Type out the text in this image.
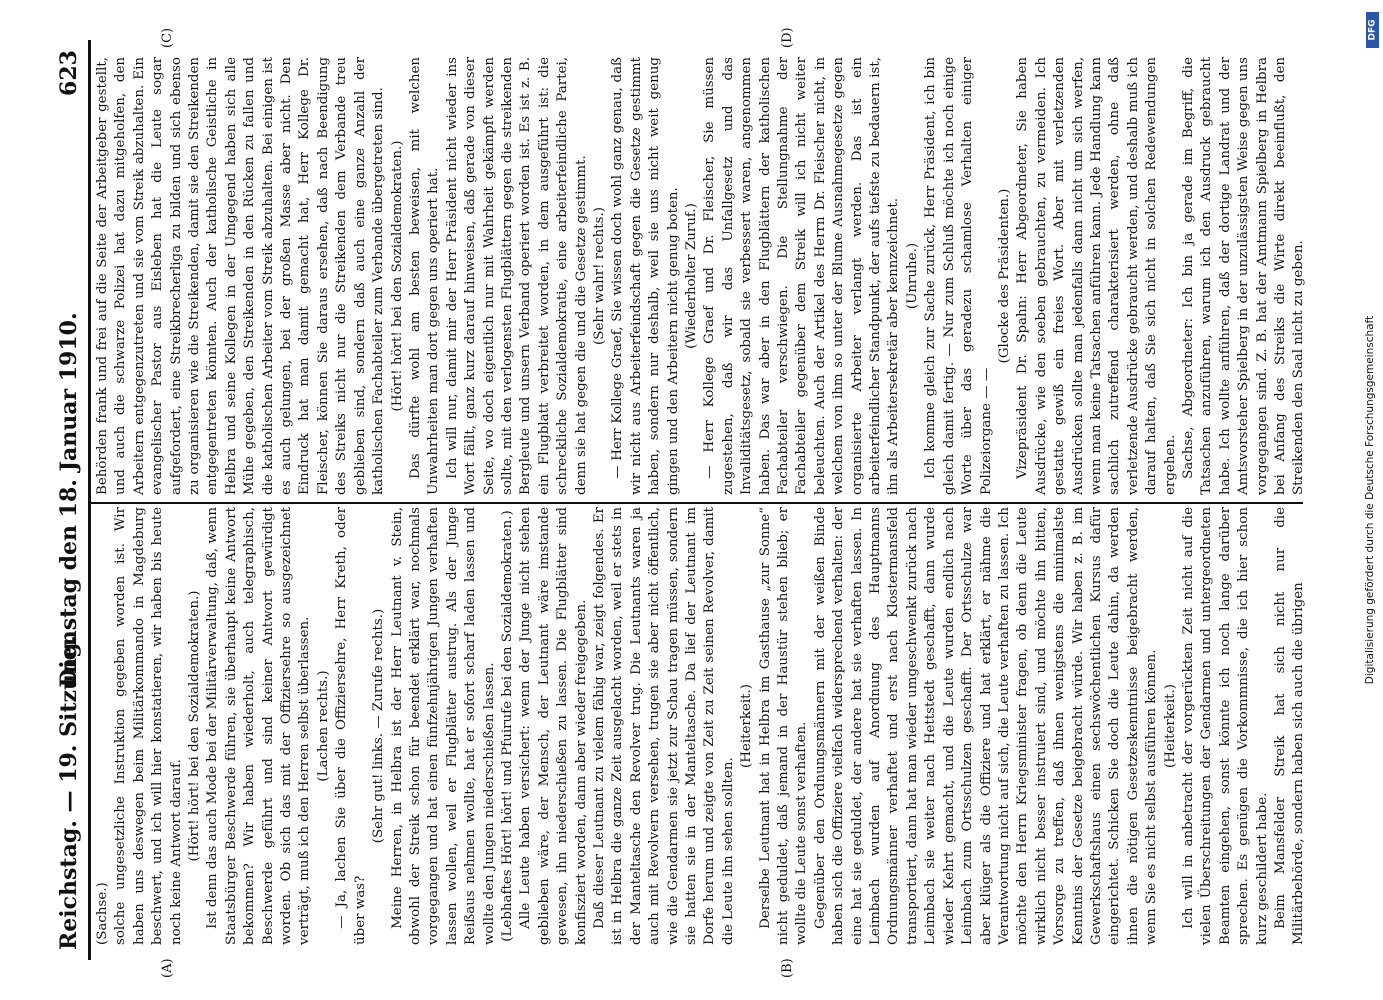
Reichstag. — 19. Sitzung.
Dienstag den 18. Januar 1910.
623
(A)	(B)
(C)	(D)

(Sachse.) solche ungesetzliche Instruktion gegeben worden ist. Wir haben uns deswegen beim Militärkommando in Magdeburg beschwert, und ich will hier konstatieren, wir haben bis heute noch keine Antwort darauf. (Hört! hört! bei den Sozialdemokraten.) Ist denn das auch Mode bei der Militärverwaltung, daß, wenn Staatsbürger Beschwerde führen, sie überhaupt keine Antwort bekommen? Wir haben wiederholt, auch telegraphisch, Beschwerde geführt und sind keiner Antwort gewürdigt worden. Ob sich das mit der Offiziersehre so ausgezeichnet verträgt, muß ich den Herren selbst überlassen. (Lachen rechts.) — Ja, lachen Sie über die Offiziersehre, Herr Kreth, oder über was?

(Sehr gut! links. — Zurufe rechts.) Meine Herren, in Helbra ist der Herr Leutnant v. Stein, obwohl der Streik schon für beendet erklärt war, nochmals vorgegangen und hat einen fünfzehnjährigen Jungen verhaften lassen wollen, weil er Flugblätter austrug. Als der Junge Reißaus nehmen wollte, hat er sofort scharf laden lassen und wollte den Jungen niederschießen lassen. (Lebhaftes Hört! hört! und Pfuirufe bei den Sozialdemokraten.) Alle Leute haben versichert: wenn der Junge nicht stehen geblieben wäre, der Mensch, der Leutnant wäre imstande gewesen, ihn niederschießen zu lassen. Die Flugblätter sind konfisziert worden, dann aber wieder freigegeben. Daß dieser Leutnant zu vielem fähig war, zeigt folgendes. Er ist in Helbra die ganze Zeit ausgelacht worden, weil er stets in der Manteltasche den Revolver trug. Die Leutnants waren ja auch mit Revolvern versehen, trugen sie aber nicht öffentlich, wie die Gendarmen sie jetzt zur Schau tragen müssen, sondern sie hatten sie in der Manteltasche. Da lief der Leutnant im Dorfe herum und zeigte von Zeit zu Zeit seinen Revolver, damit die Leute ihn sehen sollten.

(Heiterkeit.) Derselbe Leutnant hat in Helbra im Gasthause „zur Sonne“ nicht geduldet, daß jemand in der Haustür stehen blieb; er wollte die Leute sonst verhaften. Gegenüber den Ordnungsmännern mit der weißen Binde haben sich die Offiziere vielfach widersprechend verhalten: der eine hat sie geduldet, der andere hat sie verhaften lassen. In Leimbach wurden auf Anordnung des Hauptmanns Ordnungsmänner verhaftet und erst nach Klostermansfeld transportiert, dann hat man wieder umgeschwenkt zurück nach Leimbach sie weiter nach Hettstedt geschafft, dann wurde wieder Kehrt gemacht, und die Leute wurden endlich nach Leimbach zum Ortsschulzen geschafft. Der Ortsschulze war aber klüger als die Offiziere und hat erklärt, er nähme die Verantwortung nicht auf sich, die Leute verhaften zu lassen. Ich möchte den Herrn Kriegsminister fragen, ob denn die Leute wirklich nicht besser instruiert sind, und möchte ihn bitten, Vorsorge zu treffen, daß ihnen wenigstens die minimalste Kenntnis der Gesetze beigebracht würde. Wir haben z. B. im Gewerkschaftshaus einen sechswöchentlichen Kursus dafür eingerichtet. Schicken Sie doch die Leute dahin, da werden ihnen die nötigen Gesetzeskenntnisse beigebracht werden, wenn Sie es nicht selbst ausführen können. (Heiterkeit.) Ich will in anbetracht der vorgerückten Zeit nicht auf die vielen Überschreitungen der Gendarmen und untergeordneten Beamten eingehen, sonst könnte ich noch lange darüber sprechen. Es genügen die Vorkommnisse, die ich hier schon kurz geschildert habe. Beim Mansfelder Streik hat sich nicht nur die Militärbehörde, sondern haben sich auch die übrigen

Behörden frank und frei auf die Seite der Arbeitgeber gestellt, und auch die schwarze Polizei hat dazu mitgeholfen, den Arbeitern entgegenzutreten und sie vom Streik abzuhalten. Ein evangelischer Pastor aus Eisleben hat die Leute sogar aufgefordert, eine Streikbrecherliga zu bilden und sich ebenso zu organisieren wie die Streikenden, damit sie den Streikenden entgegentreten könnten. Auch der katholische Geistliche in Helbra und seine Kollegen in der Umgegend haben sich alle Mühe gegeben, den Streikenden in den Rücken zu fallen und die katholischen Arbeiter vom Streik abzuhalten. Bei einigen ist es auch gelungen, bei der großen Masse aber nicht. Den Eindruck hat man damit gemacht hat, Herr Kollege Dr. Fleischer, können Sie daraus ersehen, daß nach Beendigung des Streiks nicht nur die Streikenden dem Verbande treu geblieben sind, sondern daß auch eine ganze Anzahl der katholischen Fachabteiler zum Verbande übergetreten sind. (Hört! hört! bei den Sozialdemokraten.) Das dürfte wohl am besten beweisen, mit welchen Unwahrheiten man dort gegen uns operiert hat. Ich will nur, damit mir der Herr Präsident nicht wieder ins Wort fällt, ganz kurz darauf hinweisen, daß gerade von dieser Seite, wo doch eigentlich nur mit Wahrheit gekämpft werden sollte, mit den verlogensten Flugblättern gegen die streikenden Bergleute und unsern Verband operiert worden ist. Es ist z. B. ein Flugblatt verbreitet worden, in dem ausgeführt ist: die schreckliche Sozialdemokratie, eine arbeiterfeindliche Partei, denn sie hat gegen die und die Gesetze gestimmt. (Sehr wahr! rechts.) — Herr Kollege Graef, Sie wissen doch wohl ganz genau, daß wir nicht aus Arbeiterfeindschaft gegen die Gesetze gestimmt haben, sondern nur deshalb, weil sie uns nicht weit genug gingen und den Arbeitern nicht genug boten. (Wiederholter Zuruf.) — Herr Kollege Graef und Dr. Fleischer, Sie müssen zugestehen, daß wir das Unfallgesetz und das Invaliditätsgesetz, sobald sie verbessert waren, angenommen haben. Das war aber in den Flugblättern der katholischen Fachabteiler verschwiegen. Die Stellungnahme der Fachabteiler gegenüber dem Streik will ich nicht weiter beleuchten. Auch der Artikel des Herrn Dr. Fleischer nicht, in welchem von ihm so unter der Blume Ausnahmegesetze gegen organisierte Arbeiter verlangt werden. Das ist ein arbeiterfeindlicher Standpunkt, der aufs tiefste zu bedauern ist, ihn als Arbeitersekretär aber kennzeichnet. (Unruhe.) Ich komme gleich zur Sache zurück, Herr Präsident, ich bin gleich damit fertig. — Nur zum Schluß möchte ich noch einige Worte über das geradezu schamlose Verhalten einiger Polizeiorgane — —

(Glocke des Präsidenten.) Vizepräsident Dr. Spahn: Herr Abgeordneter, Sie haben Ausdrücke, wie den soeben gebrauchten, zu vermeiden. Ich gestatte gewiß ein freies Wort. Aber mit verletzenden Ausdrücken sollte man jedenfalls dann nicht um sich werfen, wenn man keine Tatsachen anführen kann. Jede Handlung kann sachlich zutreffend charakterisiert werden, ohne daß verletzende Ausdrücke gebraucht werden, und deshalb muß ich darauf halten, daß Sie sich nicht in solchen Redewendungen ergehen. Sachse, Abgeordneter: Ich bin ja gerade im Begriff, die Tatsachen anzuführen, warum ich den Ausdruck gebraucht habe. Ich wollte anführen, daß der dortige Landrat und der Amtsvorsteher Spielberg in der unzulässigsten Weise gegen uns vorgegangen sind. Z. B. hat der Amtmann Spielberg in Helbra bei Anfang des Streiks die Wirte direkt beeinflußt, den Streikenden den Saal nicht zu geben.	Digitalisierung gefördert durch die Deutsche Forschungsgemeinschaft
DFG
